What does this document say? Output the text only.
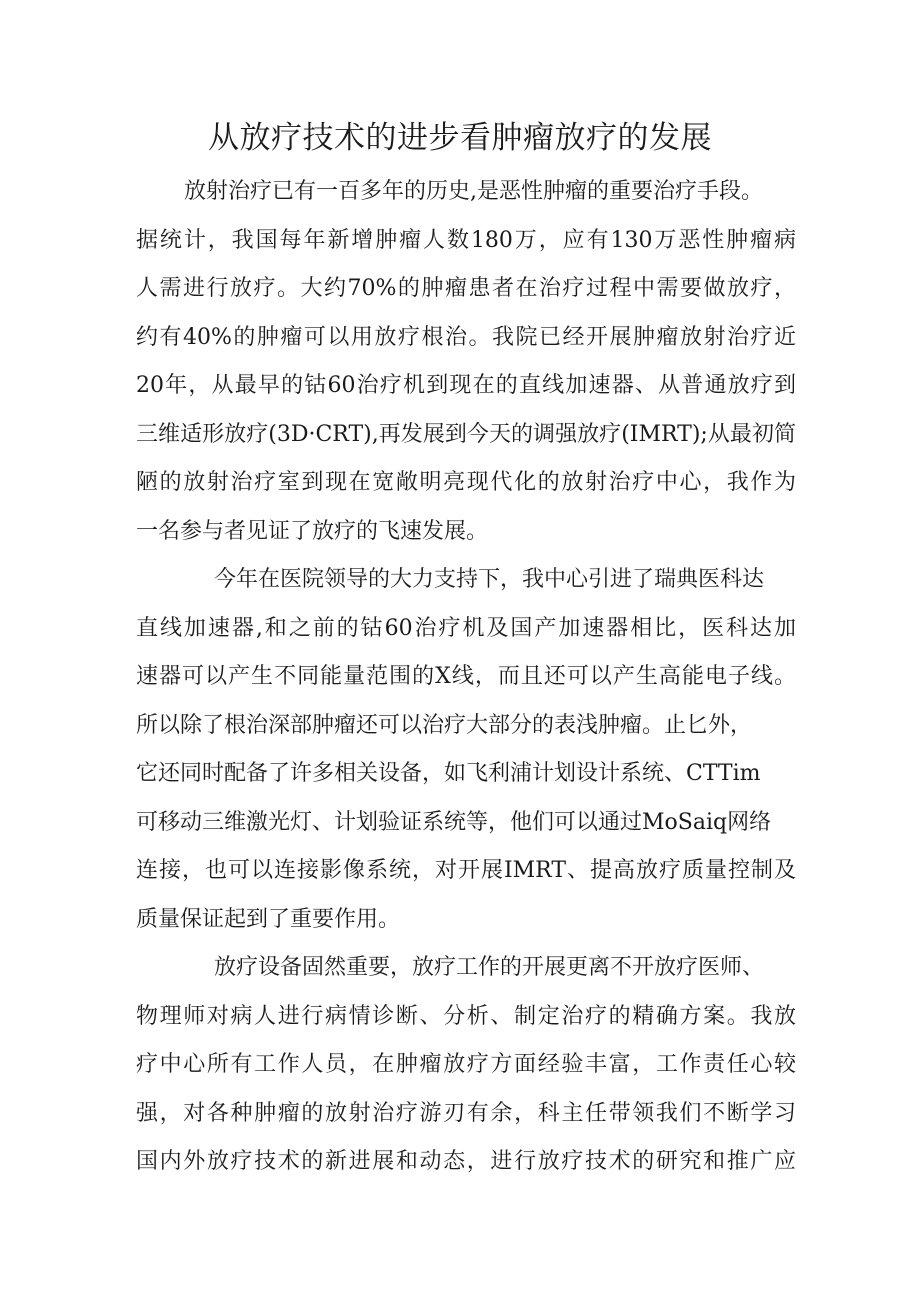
从放疗技术的进步看肿瘤放疗的发展
放射治疗已有一百多年的历史,是恶性肿瘤的重要治疗手段。
据统计，我国每年新增肿瘤人数180万，应有130万恶性肿瘤病
人需进行放疗。大约70%的肿瘤患者在治疗过程中需要做放疗，
约有40%的肿瘤可以用放疗根治。我院已经开展肿瘤放射治疗近
20年，从最早的钴60治疗机到现在的直线加速器、从普通放疗到
三维适形放疗(3D·CRT),再发展到今天的调强放疗(IMRT);从最初简
陋的放射治疗室到现在宽敞明亮现代化的放射治疗中心，我作为
一名参与者见证了放疗的飞速发展。
今年在医院领导的大力支持下，我中心引进了瑞典医科达
直线加速器,和之前的钴60治疗机及国产加速器相比，医科达加
速器可以产生不同能量范围的X线，而且还可以产生高能电子线。
所以除了根治深部肿瘤还可以治疗大部分的表浅肿瘤。止匕外，
它还同时配备了许多相关设备，如飞利浦计划设计系统、CTTim
可移动三维激光灯、计划验证系统等，他们可以通过MoSaiq网络
连接，也可以连接影像系统，对开展IMRT、提高放疗质量控制及
质量保证起到了重要作用。
放疗设备固然重要，放疗工作的开展更离不开放疗医师、
物理师对病人进行病情诊断、分析、制定治疗的精确方案。我放
疗中心所有工作人员，在肿瘤放疗方面经验丰富，工作责任心较
强，对各种肿瘤的放射治疗游刃有余，科主任带领我们不断学习
国内外放疗技术的新进展和动态，进行放疗技术的研究和推广应
